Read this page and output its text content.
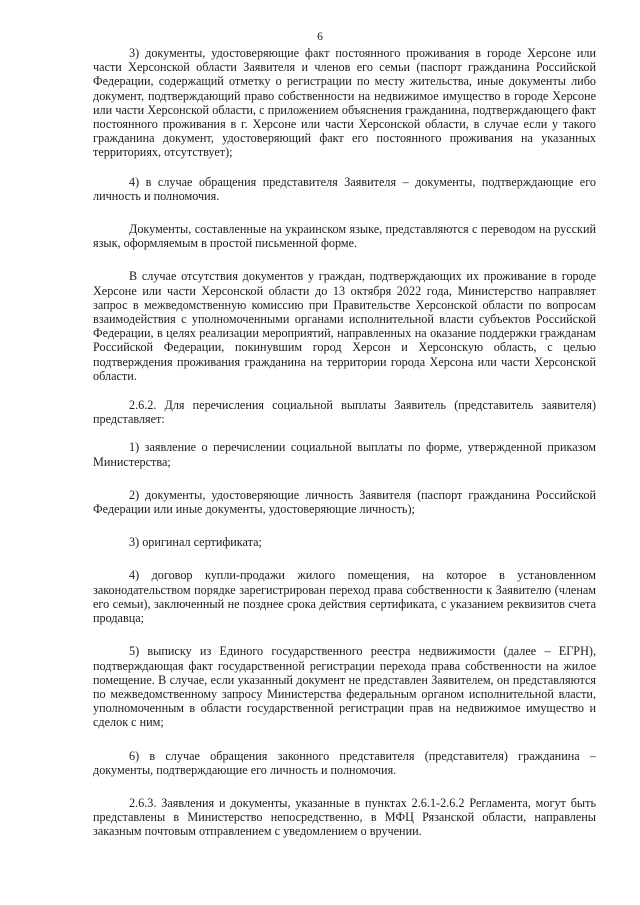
6

3) документы, удостоверяющие факт постоянного проживания в городе Херсоне или части Херсонской области Заявителя и членов его семьи (паспорт гражданина Российской Федерации, содержащий отметку о регистрации по месту жительства, иные документы либо документ, подтверждающий право собственности на недвижимое имущество в городе Херсоне или части Херсонской области, с приложением объяснения гражданина, подтверждающего факт постоянного проживания в г. Херсоне или части Херсонской области, в случае если у такого гражданина документ, удостоверяющий факт его постоянного проживания на указанных территориях, отсутствует);

4) в случае обращения представителя Заявителя – документы, подтверждающие его личность и полномочия.

Документы, составленные на украинском языке, представляются с переводом на русский язык, оформляемым в простой письменной форме.

В случае отсутствия документов у граждан, подтверждающих их проживание в городе Херсоне или части Херсонской области до 13 октября 2022 года, Министерство направляет запрос в межведомственную комиссию при Правительстве Херсонской области по вопросам взаимодействия с уполномоченными органами исполнительной власти субъектов Российской Федерации, в целях реализации мероприятий, направленных на оказание поддержки гражданам Российской Федерации, покинувшим город Херсон и Херсонскую область, с целью подтверждения проживания гражданина на территории города Херсона или части Херсонской области.

2.6.2. Для перечисления социальной выплаты Заявитель (представитель заявителя) представляет:

1) заявление о перечислении социальной выплаты по форме, утвержденной приказом Министерства;

2) документы, удостоверяющие личность Заявителя (паспорт гражданина Российской Федерации или иные документы, удостоверяющие личность);

3) оригинал сертификата;

4) договор купли-продажи жилого помещения, на которое в установленном законодательством порядке зарегистрирован переход права собственности к Заявителю (членам его семьи), заключенный не позднее срока действия сертификата, с указанием реквизитов счета продавца;

5) выписку из Единого государственного реестра недвижимости (далее – ЕГРН), подтверждающая факт государственной регистрации перехода права собственности на жилое помещение. В случае, если указанный документ не представлен Заявителем, он представляются по межведомственному запросу Министерства федеральным органом исполнительной власти, уполномоченным в области государственной регистрации прав на недвижимое имущество и сделок с ним;

6) в случае обращения законного представителя (представителя) гражданина – документы, подтверждающие его личность и полномочия.

2.6.3. Заявления и документы, указанные в пунктах 2.6.1-2.6.2 Регламента, могут быть представлены в Министерство непосредственно, в МФЦ Рязанской области, направлены заказным почтовым отправлением с уведомлением о вручении.
